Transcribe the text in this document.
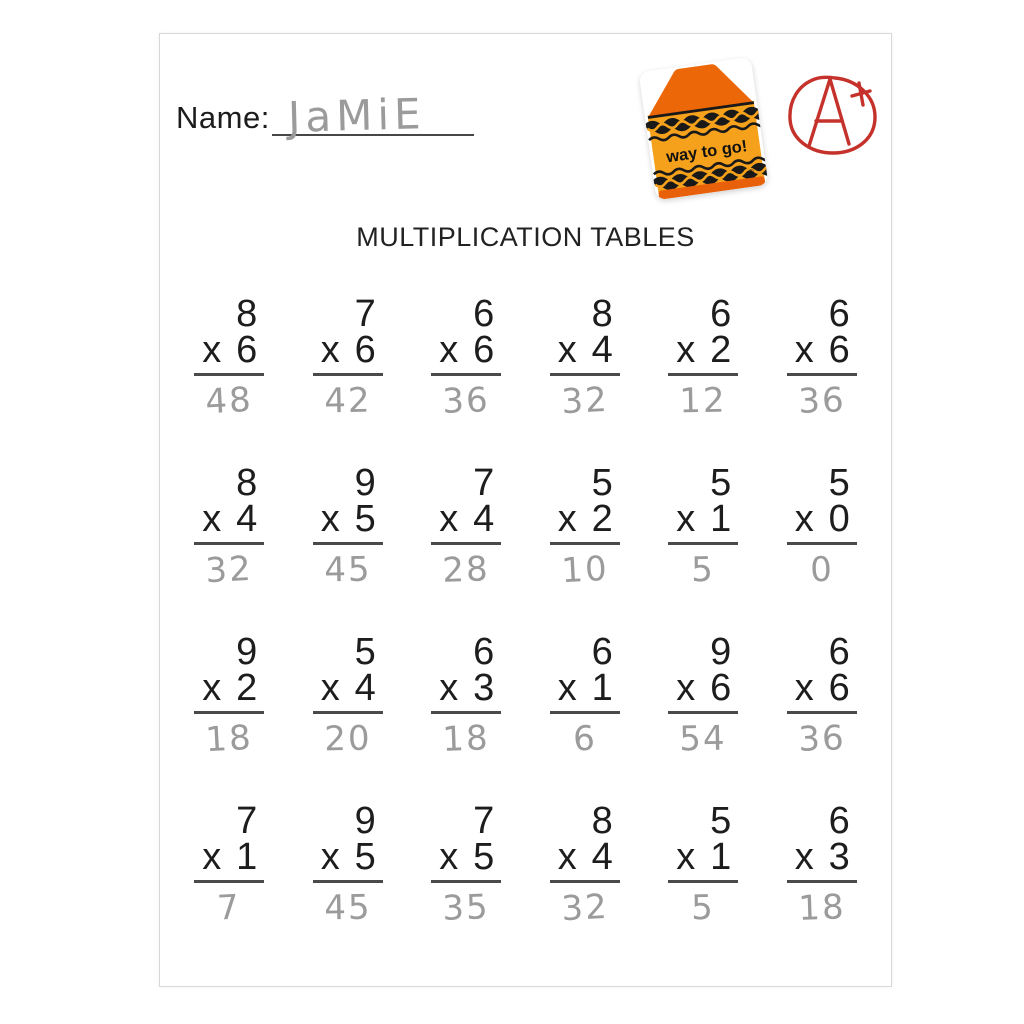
Name: JaMiE
way to go!
®
MULTIPLICATION TABLES
8
x 6
48
7
x 6
42
6
x 6
36
8
x 4
32
6
x 2
12
6
x 6
36
8
x 4
32
9
x 5
45
7
x 4
28
5
x 2
10
5
x 1
5
5
x 0
0
9
x 2
18
5
x 4
20
6
x 3
18
6
x 1
6
9
x 6
54
6
x 6
36
7
x 1
7
9
x 5
45
7
x 5
35
8
x 4
32
5
x 1
5
6
x 3
18
